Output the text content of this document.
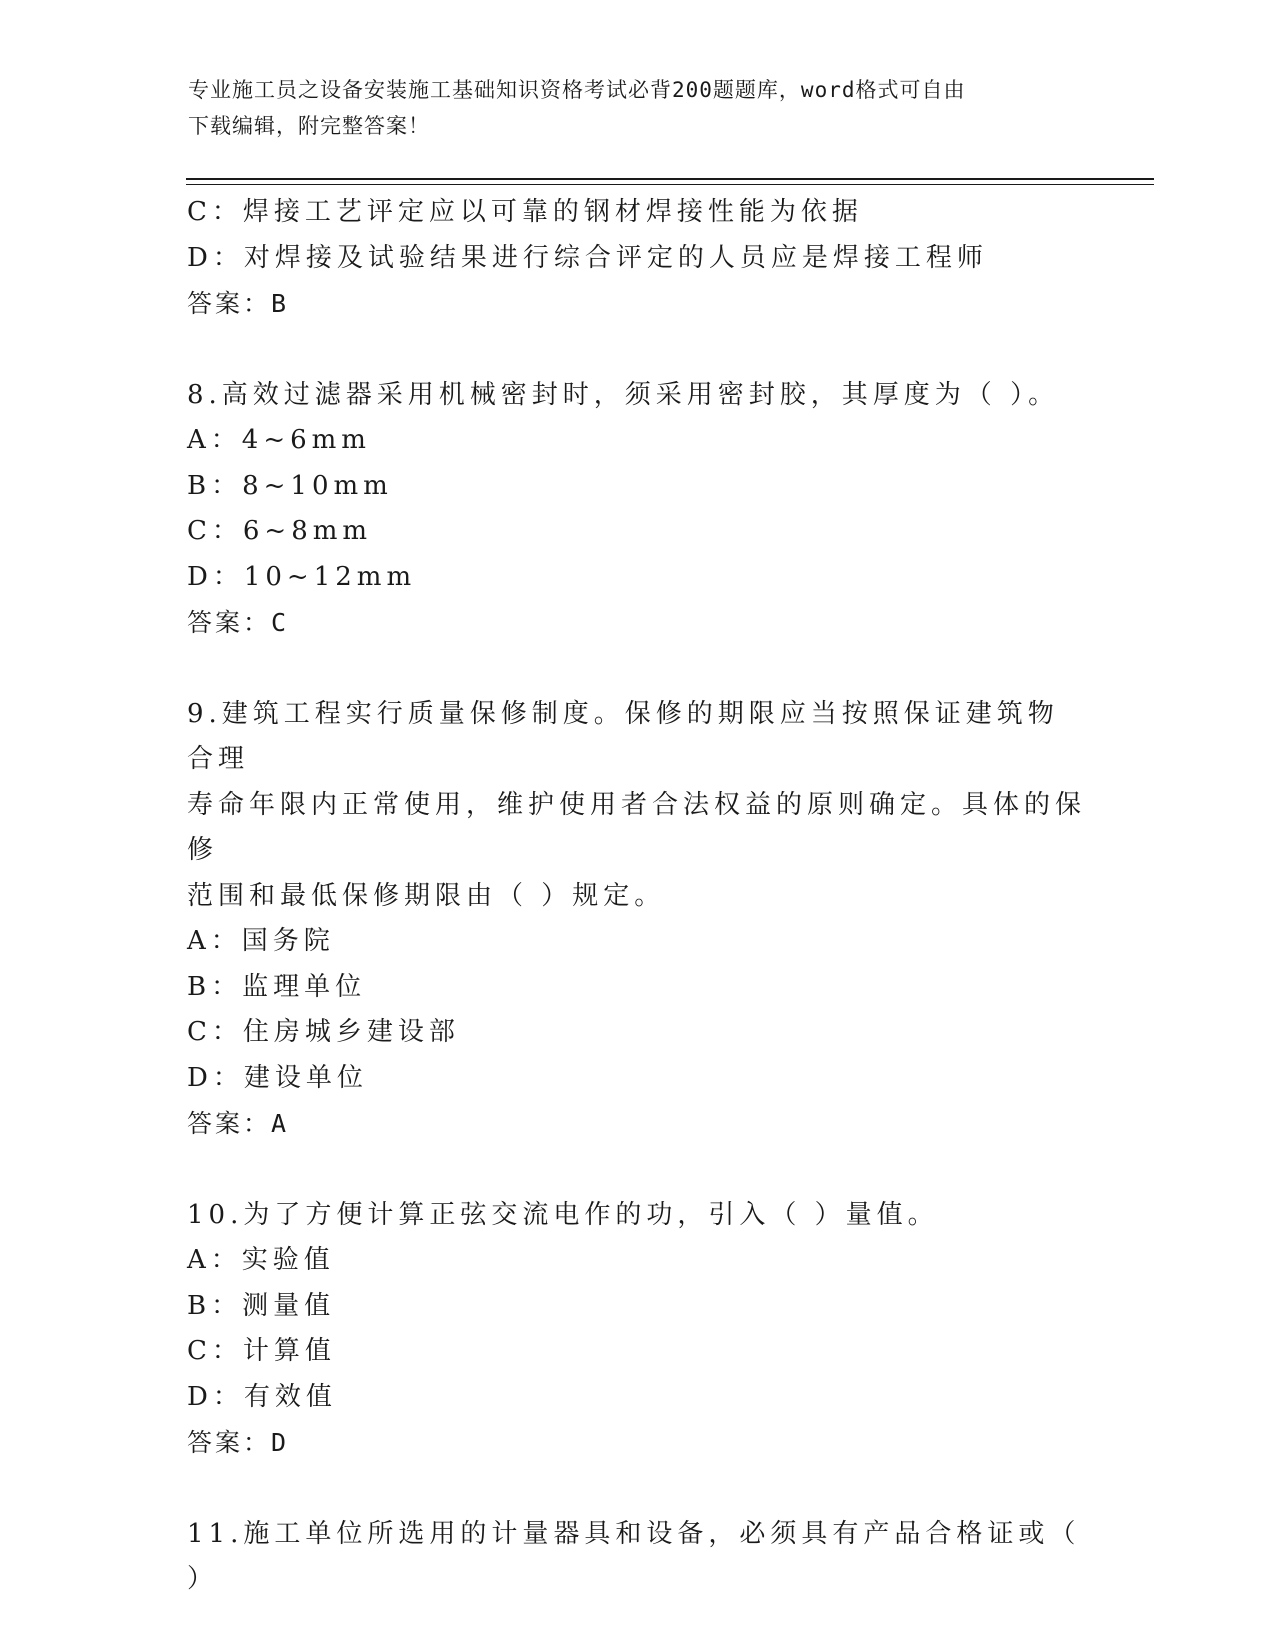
专业施工员之设备安装施工基础知识资格考试必背200题题库，word格式可自由
下载编辑，附完整答案！
C：焊接工艺评定应以可靠的钢材焊接性能为依据
D：对焊接及试验结果进行综合评定的人员应是焊接工程师
答案：B
8.高效过滤器采用机械密封时，须采用密封胶，其厚度为（ ）。
A：4~6mm
B：8~10mm
C：6~8mm
D：10~12mm
答案：C
9.建筑工程实行质量保修制度。保修的期限应当按照保证建筑物合理
寿命年限内正常使用，维护使用者合法权益的原则确定。具体的保修
范围和最低保修期限由（ ）规定。
A：国务院
B：监理单位
C：住房城乡建设部
D：建设单位
答案：A
10.为了方便计算正弦交流电作的功，引入（ ）量值。
A：实验值
B：测量值
C：计算值
D：有效值
答案：D
11.施工单位所选用的计量器具和设备，必须具有产品合格证或（ ）
